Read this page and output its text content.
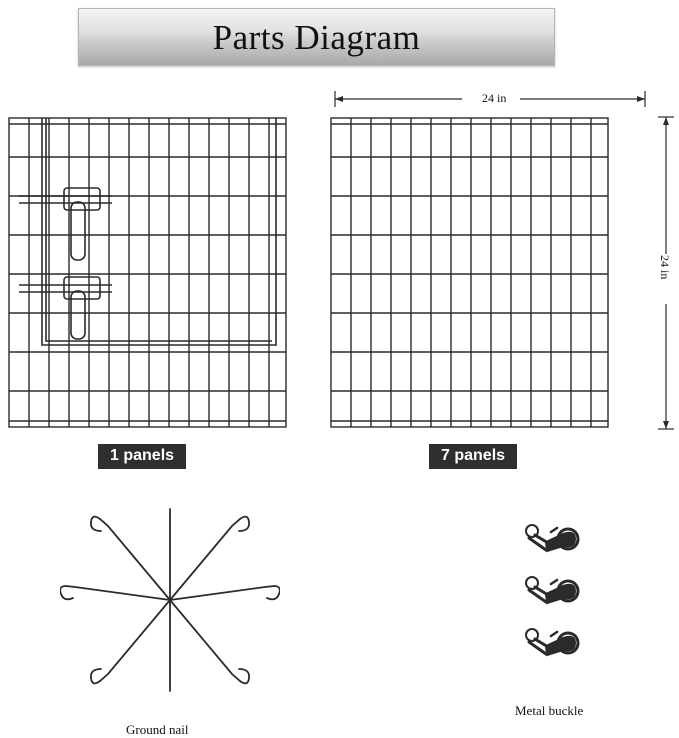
Parts Diagram
1 panels	7 panels
24 in
24 in
Ground nail
Metal buckle
